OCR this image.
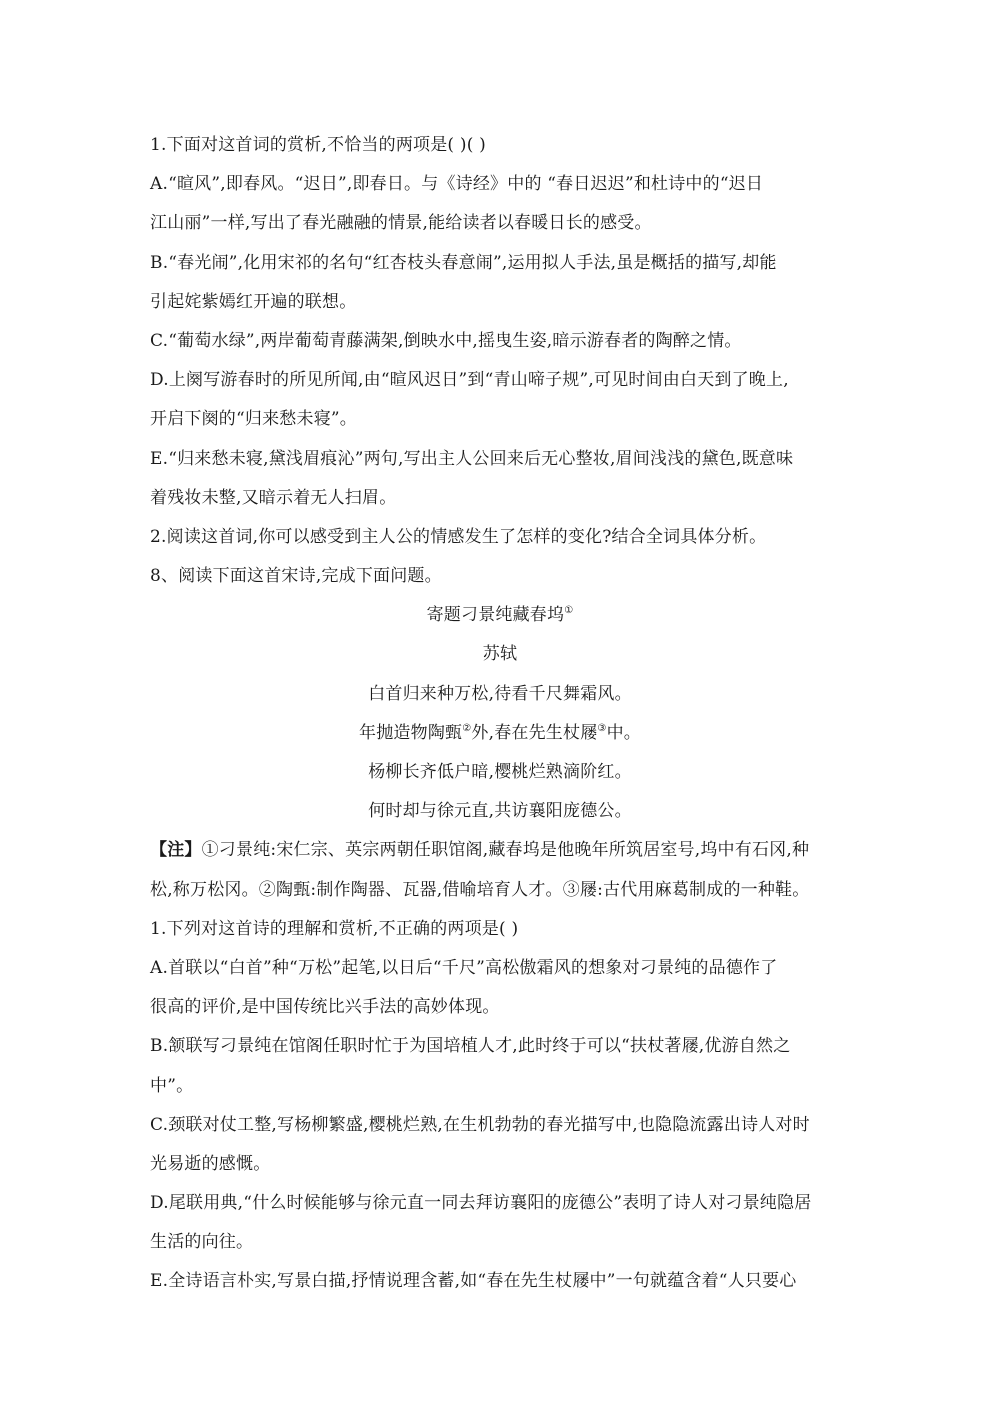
1.下面对这首词的赏析,不恰当的两项是( )( )
A.“暄风”,即春风。“迟日”,即春日。与《诗经》中的 “春日迟迟”和杜诗中的“迟日
江山丽”一样,写出了春光融融的情景,能给读者以春暖日长的感受。
B.“春光闹”,化用宋祁的名句“红杏枝头春意闹”,运用拟人手法,虽是概括的描写,却能
引起姹紫嫣红开遍的联想。
C.“葡萄水绿”,两岸葡萄青藤满架,倒映水中,摇曳生姿,暗示游春者的陶醉之情。
D.上阕写游春时的所见所闻,由“暄风迟日”到“青山啼子规”,可见时间由白天到了晚上,
开启下阕的“归来愁未寝”。
E.“归来愁未寝,黛浅眉痕沁”两句,写出主人公回来后无心整妆,眉间浅浅的黛色,既意味
着残妆未整,又暗示着无人扫眉。
2.阅读这首词,你可以感受到主人公的情感发生了怎样的变化?结合全词具体分析。
8、阅读下面这首宋诗,完成下面问题。
寄题刁景纯藏春坞①
苏轼
白首归来种万松,待看千尺舞霜风。
年抛造物陶甄②外,春在先生杖屦③中。
杨柳长齐低户暗,樱桃烂熟滴阶红。
何时却与徐元直,共访襄阳庞德公。
【注】①刁景纯:宋仁宗、英宗两朝任职馆阁,藏春坞是他晚年所筑居室号,坞中有石冈,种
松,称万松冈。②陶甄:制作陶器、瓦器,借喻培育人才。③屦:古代用麻葛制成的一种鞋。
1.下列对这首诗的理解和赏析,不正确的两项是( )
A.首联以“白首”种“万松”起笔,以日后“千尺”高松傲霜风的想象对刁景纯的品德作了
很高的评价,是中国传统比兴手法的高妙体现。
B.颔联写刁景纯在馆阁任职时忙于为国培植人才,此时终于可以“扶杖著屦,优游自然之
中”。
C.颈联对仗工整,写杨柳繁盛,樱桃烂熟,在生机勃勃的春光描写中,也隐隐流露出诗人对时
光易逝的感慨。
D.尾联用典,“什么时候能够与徐元直一同去拜访襄阳的庞德公”表明了诗人对刁景纯隐居
生活的向往。
E.全诗语言朴实,写景白描,抒情说理含蓄,如“春在先生杖屦中”一句就蕴含着“人只要心
